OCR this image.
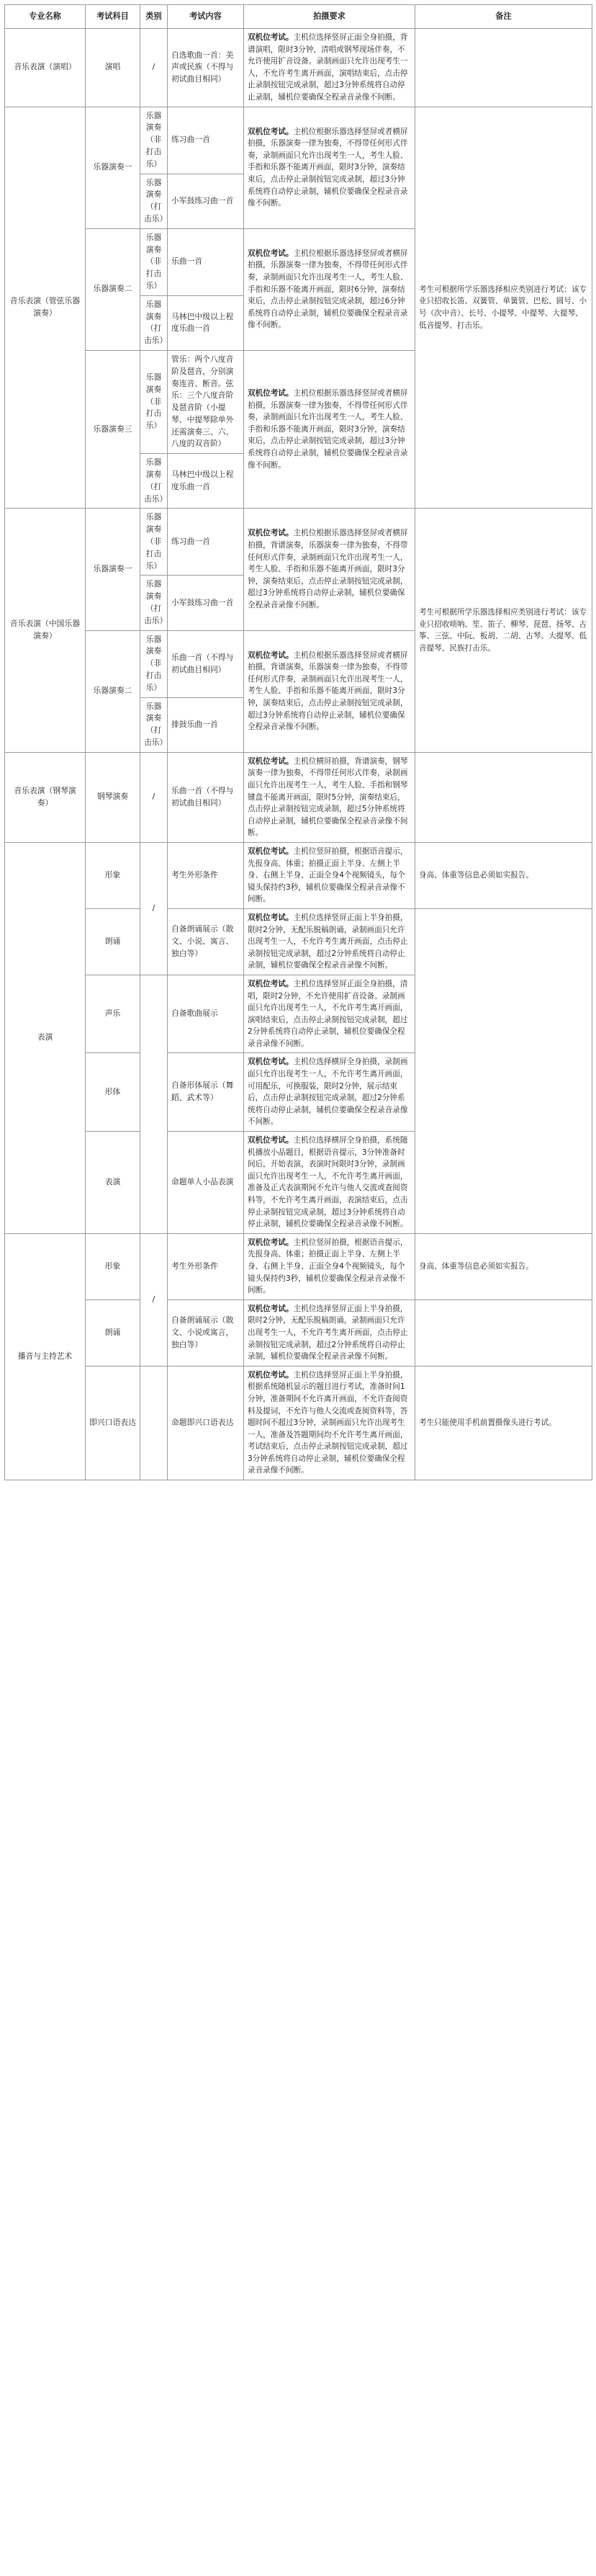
专业名称	考试科目	类别	考试内容	拍摄要求	备注
音乐表演（演唱）	演唱	/	自选歌曲一首：美声或民族（不得与初试曲目相同）	双机位考试。主机位选择竖屏正面全身拍摄，背谱演唱，限时3分钟，清唱或钢琴现场伴奏，不允许使用扩音设备。录制画面只允许出现考生一人，不允许考生离开画面，演唱结束后，点击停止录制按钮完成录制，超过3分钟系统将自动停止录制，辅机位要确保全程录音录像不间断。	
音乐表演（管弦乐器演奏）	乐器演奏一	乐器演奏（非打击乐）	练习曲一首	双机位考试。主机位根据乐器选择竖屏或者横屏拍摄，乐器演奏一律为独奏，不得带任何形式伴奏，录制画面只允许出现考生一人，考生人脸、手指和乐器不能离开画面，限时3分钟，演奏结束后，点击停止录制按钮完成录制，超过3分钟系统将自动停止录制，辅机位要确保全程录音录像不间断。	考生可根据所学乐器选择相应类别进行考试：该专业只招收长笛、双簧管、单簧管、巴松、圆号、小号（次中音）、长号、小提琴、中提琴、大提琴、低音提琴、打击乐。
		乐器演奏（打击乐）	小军鼓练习曲一首		
	乐器演奏二	乐器演奏（非打击乐）	乐曲一首	双机位考试。主机位根据乐器选择竖屏或者横屏拍摄，乐器演奏一律为独奏，不得带任何形式伴奏，录制画面只允许出现考生一人，考生人脸、手指和乐器不能离开画面，限时6分钟，演奏结束后，点击停止录制按钮完成录制，超过6分钟系统将自动停止录制，辅机位要确保全程录音录像不间断。	
		乐器演奏（打击乐）	马林巴中级以上程度乐曲一首		
	乐器演奏三	乐器演奏（非打击乐）	管乐：两个八度音阶及琶音，分别演奏连音、断音。弦乐：三个八度音阶及琶音阶（小提琴、中提琴除单外还需演奏三、六、八度的双音阶）	双机位考试。主机位根据乐器选择竖屏或者横屏拍摄，乐器演奏一律为独奏，不得带任何形式伴奏，录制画面只允许出现考生一人，考生人脸、手指和乐器不能离开画面，限时3分钟，演奏结束后，点击停止录制按钮完成录制，超过3分钟系统将自动停止录制，辅机位要确保全程录音录像不间断。	
		乐器演奏（打击乐）	马林巴中级以上程度乐曲一首		
音乐表演（中国乐器演奏）	乐器演奏一	乐器演奏（非打击乐）	练习曲一首	双机位考试。主机位根据乐器选择竖屏或者横屏拍摄，背谱演奏，乐器演奏一律为独奏，不得带任何形式伴奏，录制画面只允许出现考生一人，考生人脸、手指和乐器不能离开画面，限时3分钟，演奏结束后，点击停止录制按钮完成录制，超过3分钟系统将自动停止录制，辅机位要确保全程录音录像不间断。	考生可根据所学乐器选择相应类别进行考试：该专业只招收唢呐、笙、笛子、柳琴、琵琶、扬琴、古筝、三弦、中阮、板胡、二胡、古琴、大提琴、低音提琴、民族打击乐。
		乐器演奏（打击乐）	小军鼓练习曲一首		
	乐器演奏二	乐器演奏（非打击乐）	乐曲一首（不得与初试曲目相同）	双机位考试。主机位根据乐器选择竖屏或者横屏拍摄，背谱演奏，乐器演奏一律为独奏，不得带任何形式伴奏，录制画面只允许出现考生一人，考生人脸、手指和乐器不能离开画面，限时3分钟，演奏结束后，点击停止录制按钮完成录制，超过3分钟系统将自动停止录制，辅机位要确保全程录音录像不间断。	
		乐器演奏（打击乐）	排鼓乐曲一首		
音乐表演（钢琴演奏）	钢琴演奏	/	乐曲一首（不得与初试曲目相同）	双机位考试。主机位横屏拍摄，背谱演奏，钢琴演奏一律为独奏，不得带任何形式伴奏，录制画面只允许出现考生一人，考生人脸、手指和钢琴键盘不能离开画面，限时5分钟，演奏结束后，点击停止录制按钮完成录制，超过5分钟系统将自动停止录制，辅机位要确保全程录音录像不间断。	
表演	形象	/	考生外形条件	双机位考试。主机位竖屏拍摄，根据语音提示，先报身高、体重；拍摄正面上半身、左侧上半身、右侧上半身、正面全身4个视频镜头，每个镜头保持约3秒，辅机位要确保全程录音录像不间断。	身高、体重等信息必须如实报告。
	朗诵		自备朗诵展示（散文、小说、寓言、独白等）	双机位考试。主机位选择竖屏正面上半身拍摄，限时2分钟，无配乐脱稿朗诵，录制画面只允许出现考生一人，不允许考生离开画面，点击停止录制按钮完成录制，超过2分钟系统将自动停止录制，辅机位要确保全程录音录像不间断。	
	声乐		自备歌曲展示	双机位考试。主机位选择竖屏正面全身拍摄，清唱，限时2分钟，不允许使用扩音设备。录制画面只允许出现考生一人，不允许考生离开画面，演唱结束后，点击停止录制按钮完成录制，超过2分钟系统将自动停止录制，辅机位要确保全程录音录像不间断。	
	形体		自备形体展示（舞蹈、武术等）	双机位考试。主机位选择横屏全身拍摄，录制画面只允许出现考生一人，不允许考生离开画面，可用配乐，可换服装，限时2分钟，展示结束后，点击停止录制按钮完成录制，超过2分钟系统将自动停止录制，辅机位要确保全程录音录像不间断。	
	表演		命题单人小品表演	双机位考试。主机位选择横屏全身拍摄，系统随机播放小品题目，根据语音提示，3分钟准备时间后，开始表演，表演时间限时3分钟，录制画面只允许出现考生一人，不允许考生离开画面，准备及正式表演期间不允许与他人交流或查阅资料等，不允许考生离开画面，表演结束后，点击停止录制按钮完成录制，超过3分钟系统将自动停止录制，辅机位要确保全程录音录像不间断。	
播音与主持艺术	形象	/	考生外形条件	双机位考试。主机位竖屏拍摄，根据语音提示，先报身高、体重；拍摄正面上半身、左侧上半身、右侧上半身、正面全身4个视频镜头，每个镜头保持约3秒，辅机位要确保全程录音录像不间断。	身高、体重等信息必须如实报告。
	朗诵		自备朗诵展示（散文、小说或寓言，独白等）	双机位考试。主机位选择竖屏正面上半身拍摄，限时2分钟，无配乐脱稿朗诵，录制画面只允许出现考生一人，不允许考生离开画面，点击停止录制按钮完成录制，超过2分钟系统将自动停止录制，辅机位要确保全程录音录像不间断。	
	即兴口语表达		命题即兴口语表达	双机位考试。主机位选择竖屏正面上半身拍摄，根据系统随机显示的题目进行考试，准备时间1分钟，准备期间不允许离开画面，不允许查阅资料及提词，不允许与他人交流或查阅资料等，答题时间不超过3分钟，录制画面只允许出现考生一人，准备及答题期间均不允许考生离开画面，考试结束后，点击停止录制按钮完成录制，超过3分钟系统将自动停止录制，辅机位要确保全程录音录像不间断。	考生只能使用手机前置摄像头进行考试。
